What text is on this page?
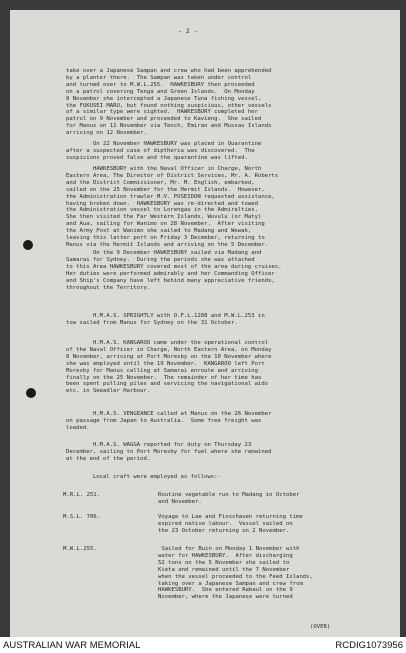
- 2 -
take over a Japanese Sampan and crew who had been apprehended
by a planter there.  The Sampan was taken under control
and turned over to M.W.L.255.  HAWKESBURY then proceeded
on a patrol covering Tenga and Green Islands.  On Monday
8 November she intercepted a Japanese Tuna fishing vessel,
the FUKUSEI MARU, but found nothing suspicious, other vessels
of a similar type were sighted.  HAWKESBURY completed her
patrol on 9 November and proceeded to Kavieng.  She sailed
for Manus on 11 November via Tench, Emiran and Mussau Islands
arriving on 12 November.
On 22 November HAWKESBURY was placed in Quarantine
after a suspected case of diptheria was discovered.  The
suspicions proved false and the quarantine was lifted.
HAWKESBURY with the Naval Officer in Charge, North
Eastern Area, The Director of District Services, Mr. A. Roberts
and the District Commissioner, Mr. M. English, embarked,
sailed on the 25 November for the Hermit Islands.  However,
the Administration trawler M.V. POSEIDON requested assistance,
having broken down.  HAWKESBURY was re-directed and towed
the Administration vessel to Lorengau in the Admiralties.
She then visited the Far Western Islands, Wuvulu (or Maty)
and Aua, sailing for Wanimo on 28 November.  After visiting
the Army Post at Wanimo she sailed to Madang and Wewak,
leaving this latter port on Friday 3 December, returning to
Manus via the Hermit Islands and arriving on the 5 December.
On the 9 December HAWKESBURY sailed via Madang and
Samarai for Sydney.  During the periods she was attached
to this Area HAWKESBURY covered most of the area during cruises.
Her duties were performed admirably and her Commanding Officer
and Ship's Company have left behind many appreciative friends,
throughout the Territory.
H.M.A.S. SPRIGHTLY with O.F.L.1208 and M.W.L.253 in
tow sailed from Manus for Sydney on the 31 October.
H.M.A.S. KANGAROO came under the operational control
of the Naval Officer in Charge, North Eastern Area, on Monday
8 November, arriving at Port Moresby on the 10 November where
she was employed until the 19 November.  KANGAROO left Port
Moresby for Manus calling at Samarai enroute and arriving
finally on the 25 November.  The remainder of her time has
been spent pulling piles and servicing the navigational aids
etc. in Seeadler Harbour.
H.M.A.S. VENGEANCE called at Manus on the 26 November
on passage from Japan to Australia.  Some free freight was
loaded.
H.M.A.S. WAGGA reported for duty on Thursday 23
December, sailing to Port Moresby for fuel where she remained
at the end of the period.
Local craft were employed as follows:-
M.R.L. 251.	Routine vegetable run to Madang in October
and November.
M.S.L. 706.	Voyage to Lae and Finschaven returning time
expired native labour.  Vessel sailed on
the 23 October returning on 2 November.
M.W.L.255.	Sailed for Buin on Monday 1 November with
water for HAWKESBURY.  After discharging
52 tons on the 5 November she sailed to
Kieta and remained until the 7 November
when the vessel proceeded to the Feed Islands,
taking over a Japanese Sampan and crew from
HAWKESBURY.  She entered Rabaul on the 9
November, where the Japanese were turned
(OVER)
AUSTRALIAN WAR MEMORIAL	RCDIG1073956
